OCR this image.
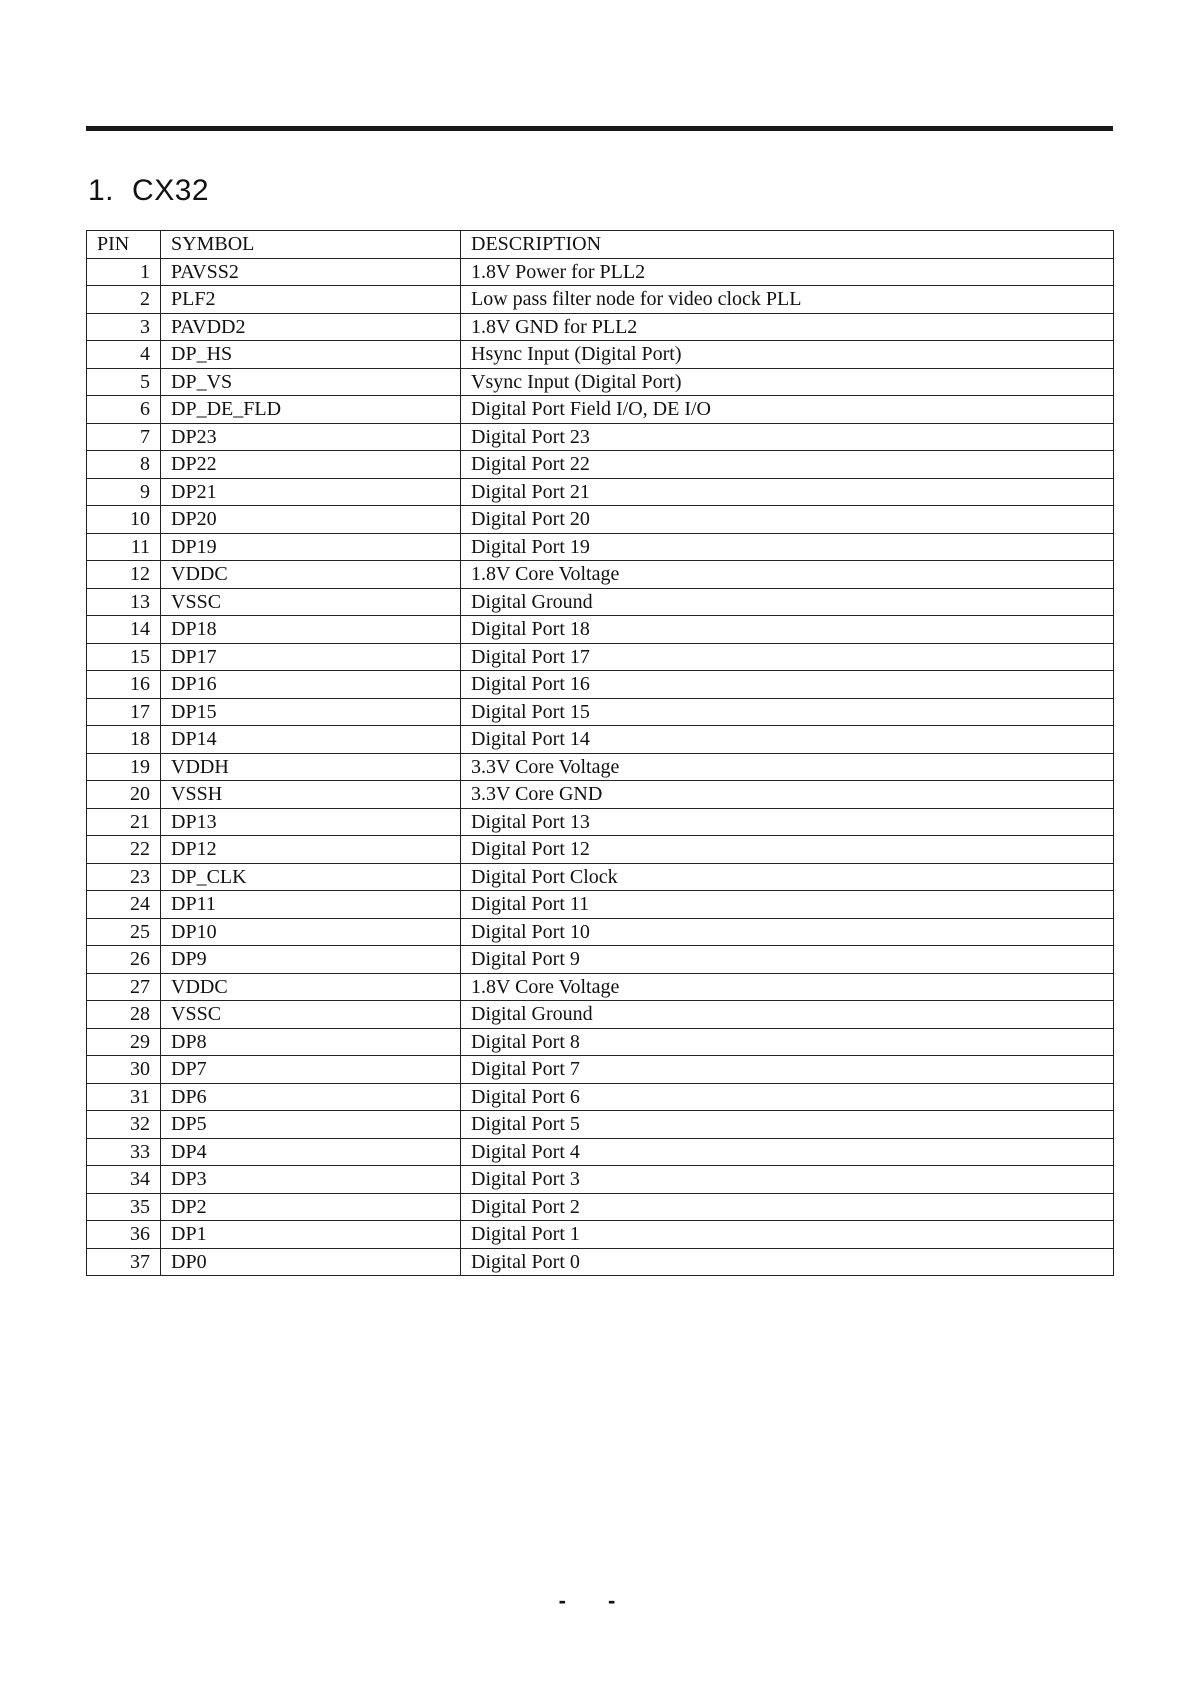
1. CX32
PIN	SYMBOL	DESCRIPTION
1	PAVSS2	1.8V Power for PLL2
2	PLF2	Low pass filter node for video clock PLL
3	PAVDD2	1.8V GND for PLL2
4	DP_HS	Hsync Input (Digital Port)
5	DP_VS	Vsync Input (Digital Port)
6	DP_DE_FLD	Digital Port Field I/O, DE I/O
7	DP23	Digital Port 23
8	DP22	Digital Port 22
9	DP21	Digital Port 21
10	DP20	Digital Port 20
11	DP19	Digital Port 19
12	VDDC	1.8V Core Voltage
13	VSSC	Digital Ground
14	DP18	Digital Port 18
15	DP17	Digital Port 17
16	DP16	Digital Port 16
17	DP15	Digital Port 15
18	DP14	Digital Port 14
19	VDDH	3.3V Core Voltage
20	VSSH	3.3V Core GND
21	DP13	Digital Port 13
22	DP12	Digital Port 12
23	DP_CLK	Digital Port Clock
24	DP11	Digital Port 11
25	DP10	Digital Port 10
26	DP9	Digital Port 9
27	VDDC	1.8V Core Voltage
28	VSSC	Digital Ground
29	DP8	Digital Port 8
30	DP7	Digital Port 7
31	DP6	Digital Port 6
32	DP5	Digital Port 5
33	DP4	Digital Port 4
34	DP3	Digital Port 3
35	DP2	Digital Port 2
36	DP1	Digital Port 1
37	DP0	Digital Port 0
- -
